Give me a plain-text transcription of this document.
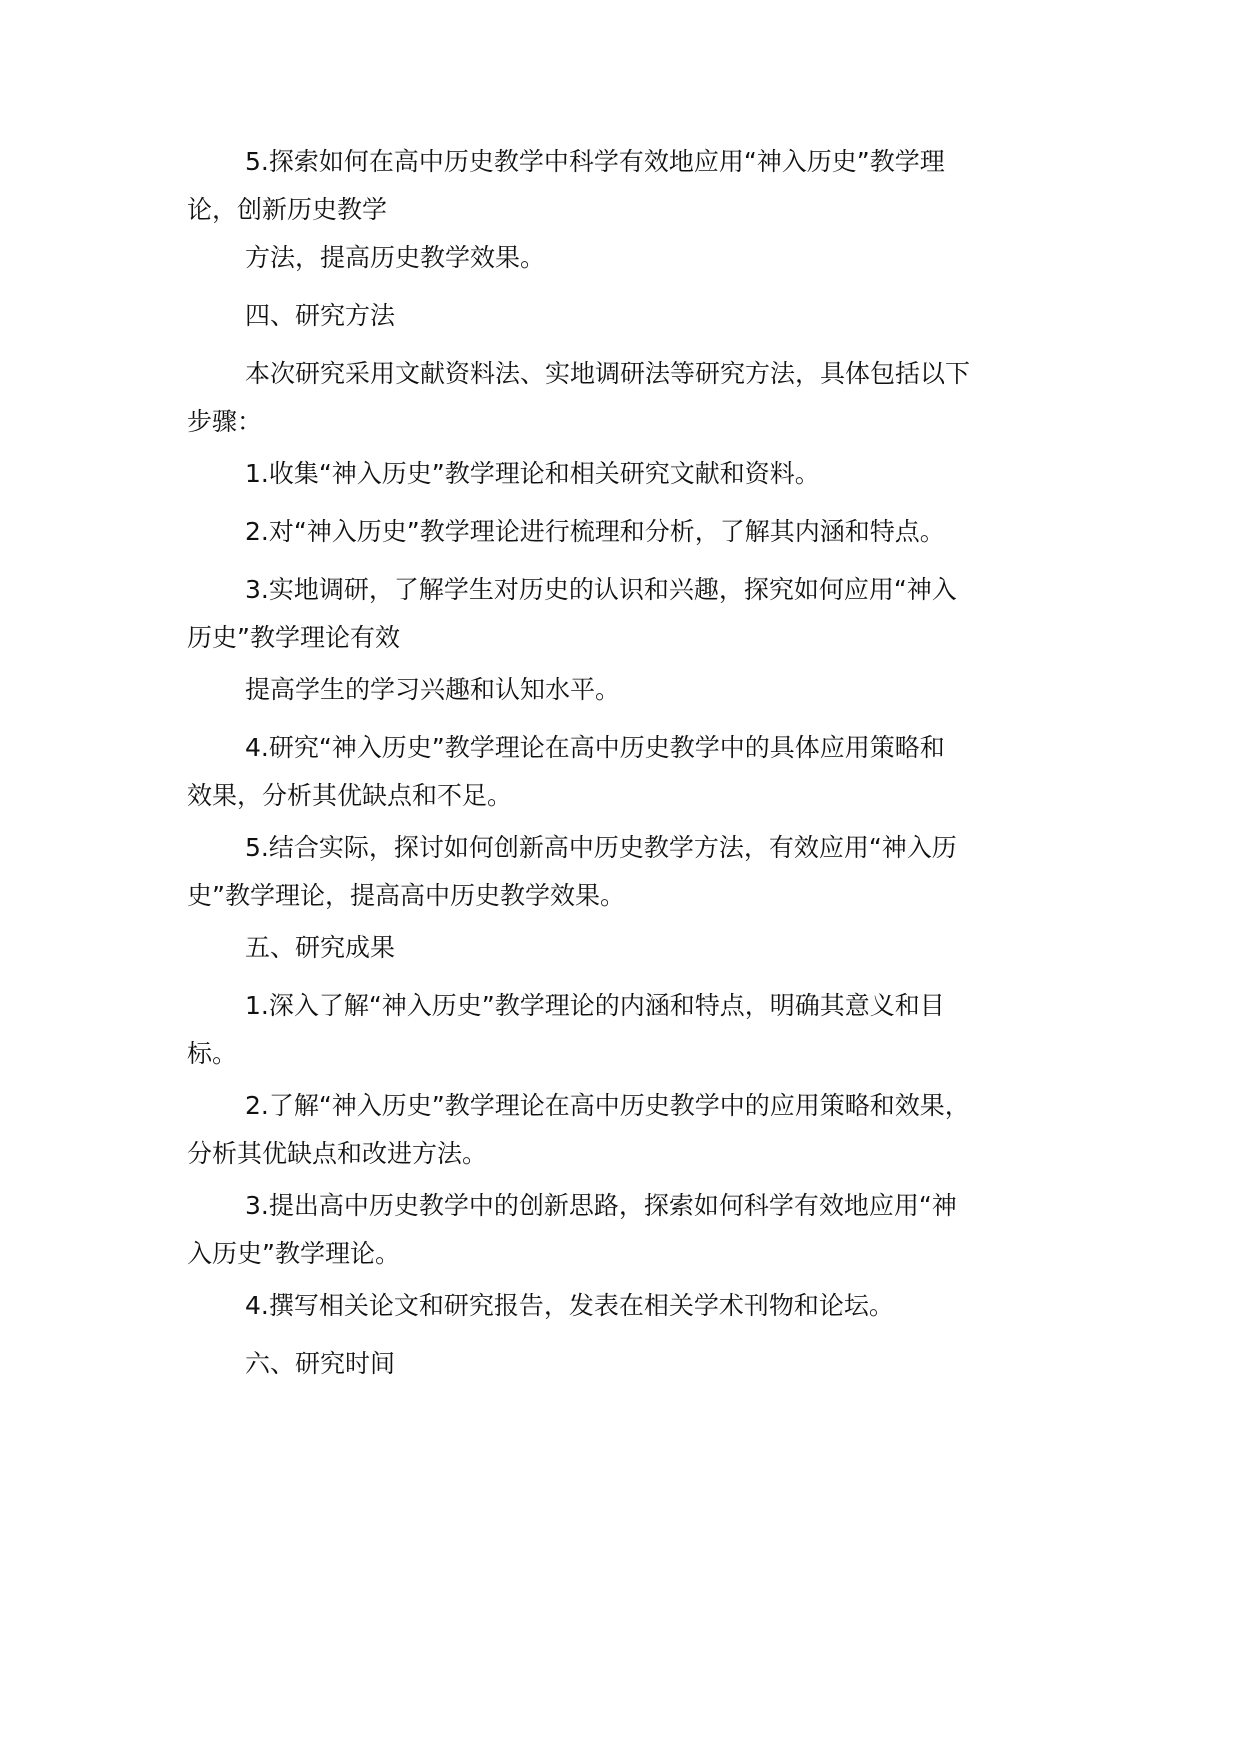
5.探索如何在高中历史教学中科学有效地应用“神入历史”教学理
论，创新历史教学
方法，提高历史教学效果。
四、研究方法
本次研究采用文献资料法、实地调研法等研究方法，具体包括以下
步骤：
1.收集“神入历史”教学理论和相关研究文献和资料。
2.对“神入历史”教学理论进行梳理和分析，了解其内涵和特点。
3.实地调研，了解学生对历史的认识和兴趣，探究如何应用“神入
历史”教学理论有效
提高学生的学习兴趣和认知水平。
4.研究“神入历史”教学理论在高中历史教学中的具体应用策略和
效果，分析其优缺点和不足。
5.结合实际，探讨如何创新高中历史教学方法，有效应用“神入历
史”教学理论，提高高中历史教学效果。
五、研究成果
1.深入了解“神入历史”教学理论的内涵和特点，明确其意义和目
标。
2.了解“神入历史”教学理论在高中历史教学中的应用策略和效果，
分析其优缺点和改进方法。
3.提出高中历史教学中的创新思路，探索如何科学有效地应用“神
入历史”教学理论。
4.撰写相关论文和研究报告，发表在相关学术刊物和论坛。
六、研究时间
